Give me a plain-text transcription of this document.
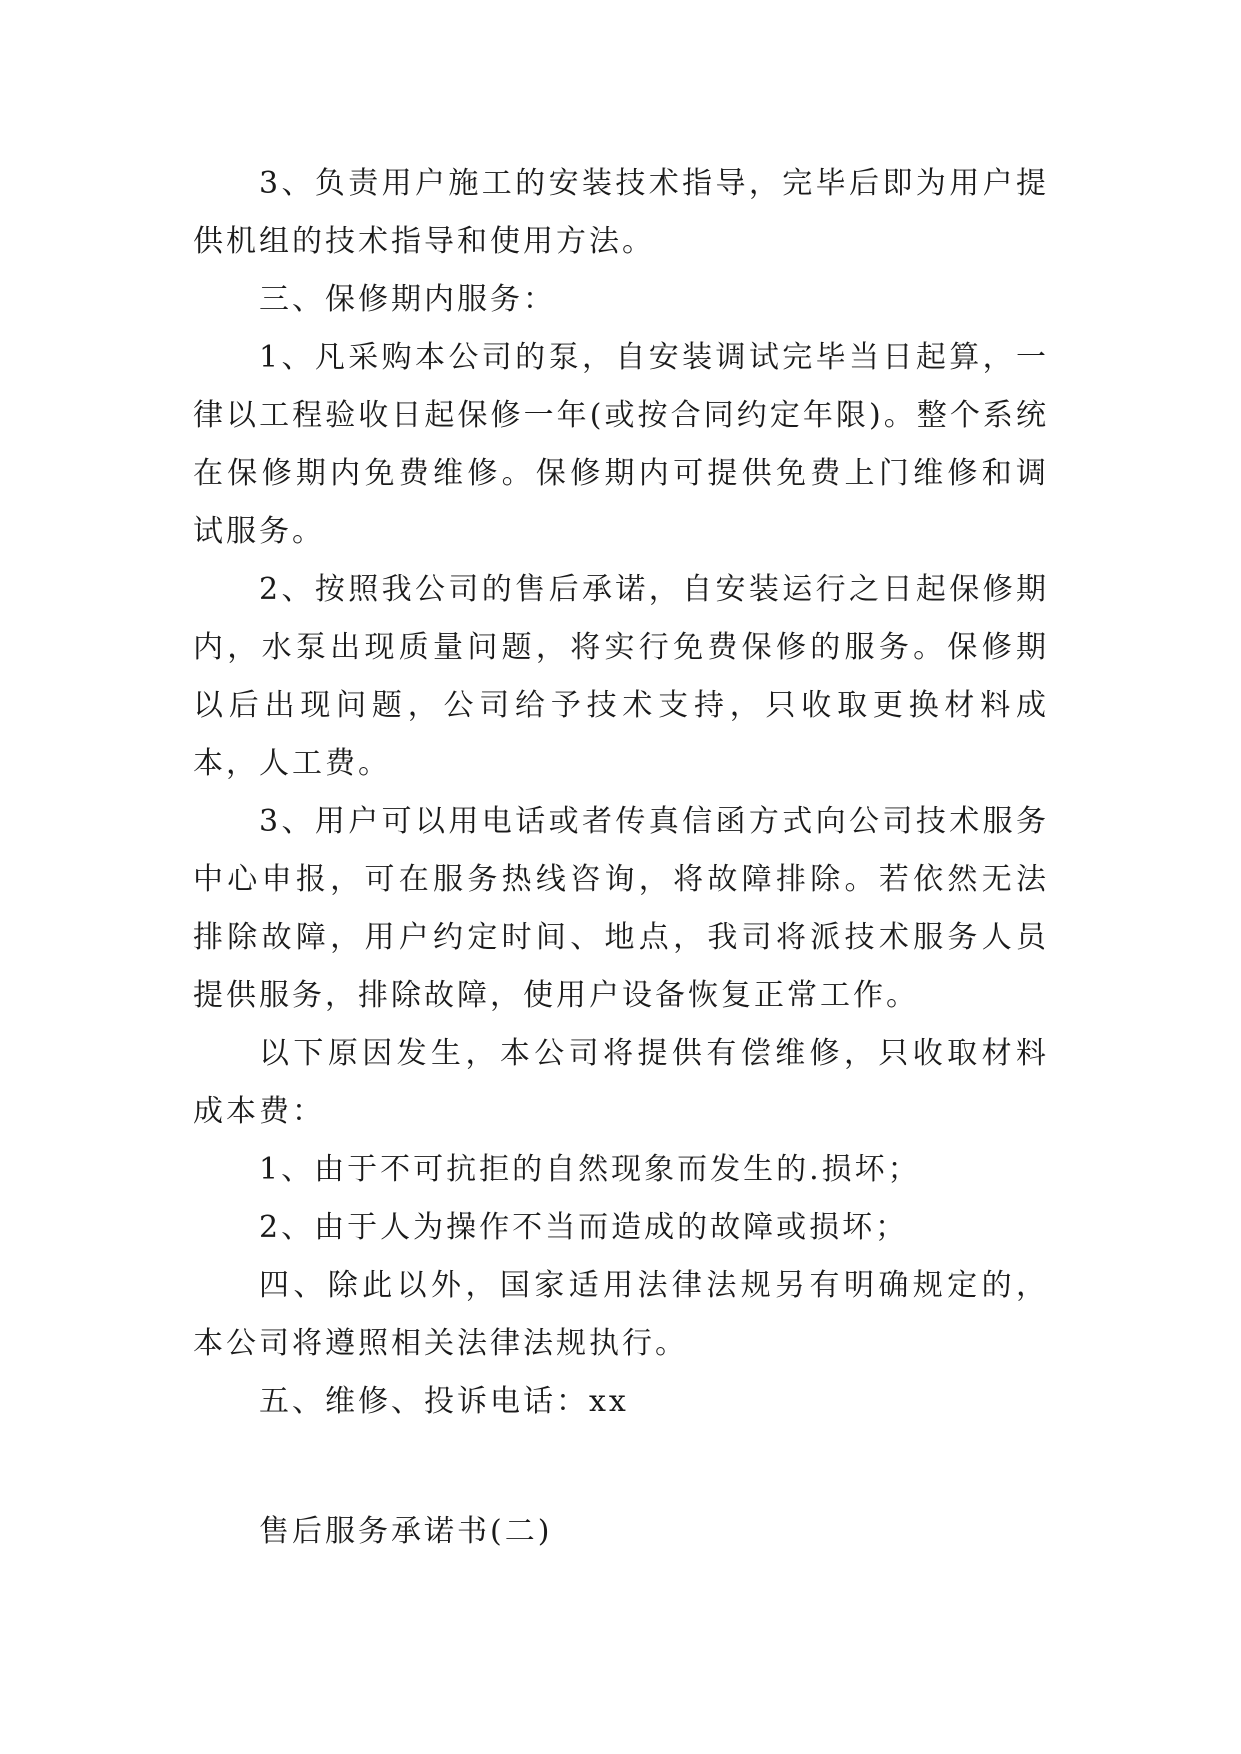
3、负责用户施工的安装技术指导，完毕后即为用户提供机组的技术指导和使用方法。

三、保修期内服务：

1、凡采购本公司的泵，自安装调试完毕当日起算，一律以工程验收日起保修一年(或按合同约定年限)。整个系统在保修期内免费维修。保修期内可提供免费上门维修和调试服务。

2、按照我公司的售后承诺，自安装运行之日起保修期内，水泵出现质量问题，将实行免费保修的服务。保修期以后出现问题，公司给予技术支持，只收取更换材料成本，人工费。

3、用户可以用电话或者传真信函方式向公司技术服务中心申报，可在服务热线咨询，将故障排除。若依然无法排除故障，用户约定时间、地点，我司将派技术服务人员提供服务，排除故障，使用户设备恢复正常工作。

以下原因发生，本公司将提供有偿维修，只收取材料成本费：

1、由于不可抗拒的自然现象而发生的.损坏；

2、由于人为操作不当而造成的故障或损坏；

四、除此以外，国家适用法律法规另有明确规定的，本公司将遵照相关法律法规执行。

五、维修、投诉电话：xx

售后服务承诺书(二)
